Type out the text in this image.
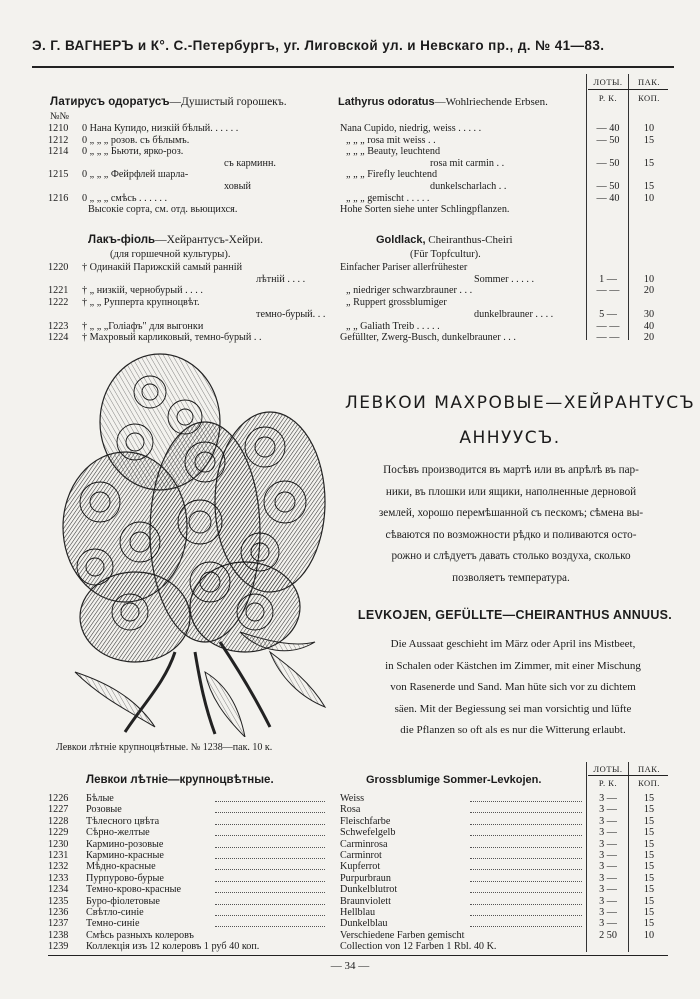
Э. Г. ВАГНЕРЪ и К°. С.-Петербургъ, уг. Лиговской ул. и Невскаго пр., д. № 41—83.
Латирусъ одоратусъ—Душистый горошекъ.	Lathyrus odoratus—Wohlriechende Erbsen.
ЛОТЫ.
Р. К.
ПАК.
КОП.
№№
1210	0 Нана Купидо, низкій бѣлый. . . . . .	Nana Cupido, niedrig, weiss . . . . .	— 40	10
1212	0 „ „ „ розов. съ бѣлымъ.	„ „ „ rosa mit weiss . .	— 50	15
1214	0 „ „ „ Бьюти, ярко-роз.	„ „ „ Beauty, leuchtend
съ карминн.	rosa mit carmin . .	— 50	15
1215	0 „ „ „ Фейрфлей шарла-	„ „ „ Firefly leuchtend
ховый	dunkelscharlach . .	— 50	15
1216	0 „ „ „ смѣсь . . . . . .	„ „ „ gemischt . . . . .	— 40	10
Высокіе сорта, см. отд. вьющихся.	Hohe Sorten siehe unter Schlingpflanzen.
Лакъ-фіоль—Хейрантусъ-Хейри.
(для горшечной культуры).
Goldlack, Cheiranthus-Cheiri
(Für Topfcultur).
1220	† Одинакій Парижскій самый ранній	Einfacher Pariser allerfrühester
лѣтній . . . .	Sommer . . . . .	1 —	10
1221	† „ низкій, чернобурый . . . .	„ niedriger schwarzbrauner . . .	— —	20
1222	† „ „ Рупперта крупноцвѣт.	„ Ruppert grossblumiger
темно-бурый. . .	dunkelbrauner . . . .	5 —	30
1223	† „ „ „Голіафъ" для выгонки	„ „ Galiath Treib . . . . .	— —	40
1224	† Махровый карликовый, темно-бурый . .	Gefüllter, Zwerg-Busch, dunkelbrauner . . .	— —	20
Левкои лѣтніе крупноцвѣтные. № 1238—пак. 10 к.
ЛЕВКОИ МАХРОВЫЕ—ХЕЙРАНТУСЪ
АННУУСЪ.
Посѣвъ производится въ мартѣ или въ апрѣлѣ въ пар-
ники, въ плошки или ящики, наполненные дерновой
землей, хорошо перемѣшанной съ пескомъ; сѣмена вы-
сѣваются по возможности рѣдко и поливаются осто-
рожно и слѣдуетъ давать столько воздуха, сколько
позволяетъ температура.
LEVKOJEN, GEFÜLLTE—CHEIRANTHUS ANNUUS.
Die Aussaat geschieht im März oder April ins Mistbeet,
in Schalen oder Kästchen im Zimmer, mit einer Mischung
von Rasenerde und Sand. Man hüte sich vor zu dichtem
säen. Mit der Begiessung sei man vorsichtig und lüfte
die Pflanzen so oft als es nur die Witterung erlaubt.
ЛОТЫ.
Р. К.
ПАК.
КОП.
Левкои лѣтніе—крупноцвѣтные.	Grossblumige Sommer-Levkojen.
1226	Бѣлые	Weiss	3 —	15
1227	Розовые	Rosa	3 —	15
1228	Тѣлесного цвѣта	Fleischfarbe	3 —	15
1229	Сѣрно-желтые	Schwefelgelb	3 —	15
1230	Кармино-розовые	Carminrosa	3 —	15
1231	Кармино-красные	Carminrot	3 —	15
1232	Мѣдно-красные	Kupferrot	3 —	15
1233	Пурпурово-бурые	Purpurbraun	3 —	15
1234	Темно-крово-красные	Dunkelblutrot	3 —	15
1235	Буро-фіолетовые	Braunviolett	3 —	15
1236	Свѣтло-синіе	Hellblau	3 —	15
1237	Темно-синіе	Dunkelblau	3 —	15
1238	Смѣсь разныхъ колеровъ	Verschiedene Farben gemischt	2 50	10
1239	Коллекція изъ 12 колеровъ 1 руб 40 коп.	Collection von 12 Farben 1 Rbl. 40 K.
— 34 —
